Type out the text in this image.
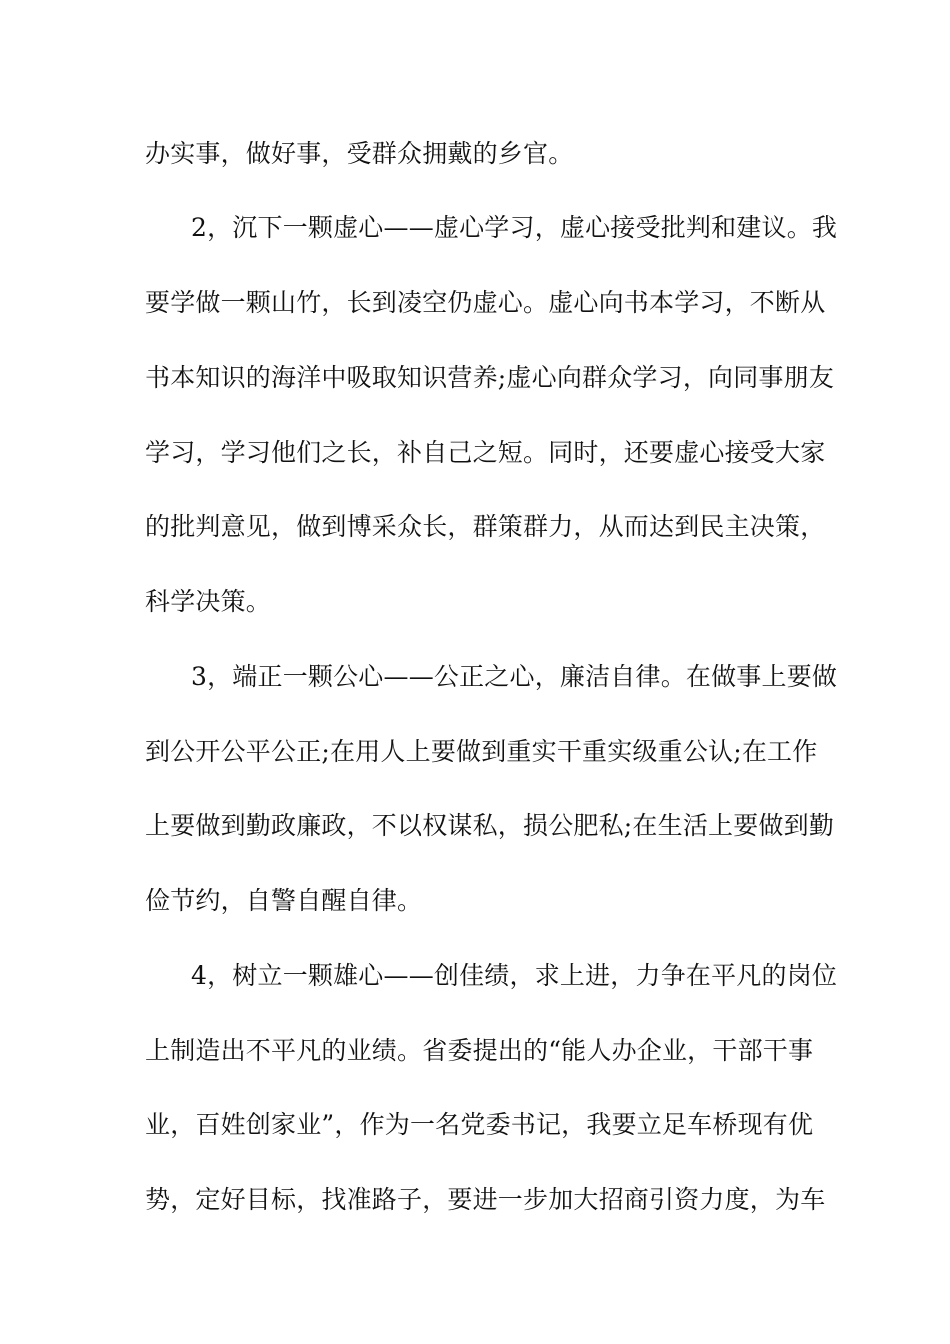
办实事，做好事，受群众拥戴的乡官。
2，沉下一颗虚心——虚心学习，虚心接受批判和建议。我
要学做一颗山竹，长到凌空仍虚心。虚心向书本学习，不断从
书本知识的海洋中吸取知识营养;虚心向群众学习，向同事朋友
学习，学习他们之长，补自己之短。同时，还要虚心接受大家
的批判意见，做到博采众长，群策群力，从而达到民主决策，
科学决策。
3，端正一颗公心——公正之心，廉洁自律。在做事上要做
到公开公平公正;在用人上要做到重实干重实级重公认;在工作
上要做到勤政廉政，不以权谋私，损公肥私;在生活上要做到勤
俭节约，自警自醒自律。
4，树立一颗雄心——创佳绩，求上进，力争在平凡的岗位
上制造出不平凡的业绩。省委提出的“能人办企业，干部干事
业，百姓创家业”，作为一名党委书记，我要立足车桥现有优
势，定好目标，找准路子，要进一步加大招商引资力度，为车
